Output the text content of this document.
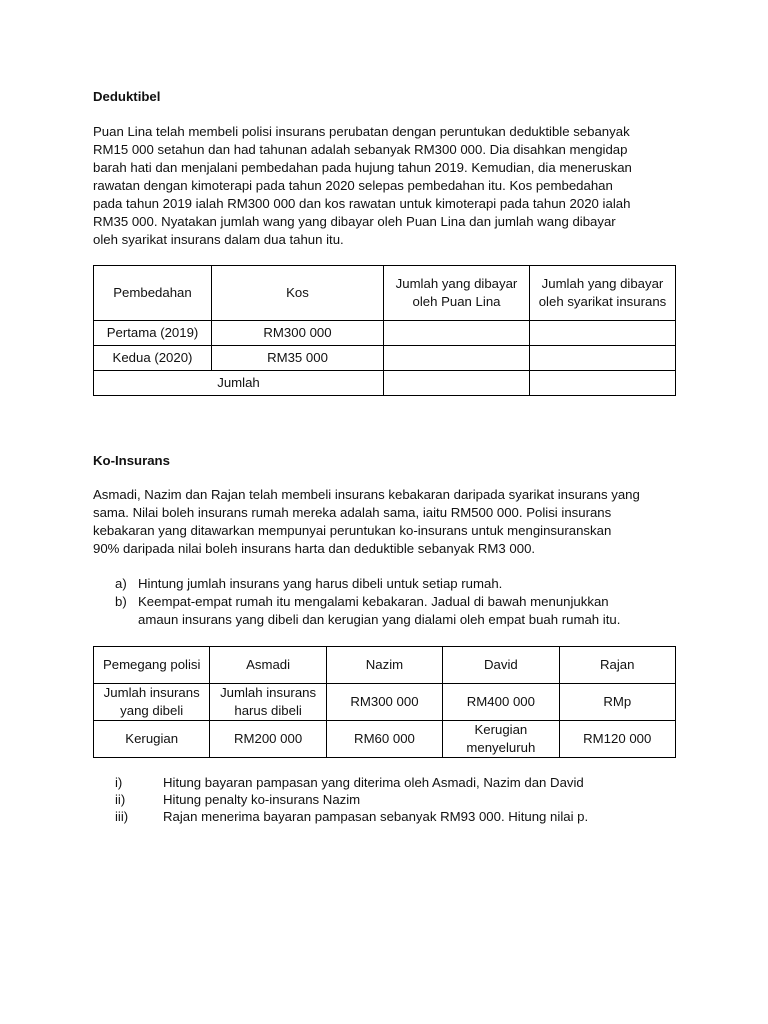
Deduktibel
Puan Lina telah membeli polisi insurans perubatan dengan peruntukan deduktible sebanyak
RM15 000 setahun dan had tahunan adalah sebanyak RM300 000. Dia disahkan mengidap
barah hati dan menjalani pembedahan pada hujung tahun 2019. Kemudian, dia meneruskan
rawatan dengan kimoterapi pada tahun 2020 selepas pembedahan itu. Kos pembedahan
pada tahun 2019 ialah RM300 000 dan kos rawatan untuk kimoterapi pada tahun 2020 ialah
RM35 000. Nyatakan jumlah wang yang dibayar oleh Puan Lina dan jumlah wang dibayar
oleh syarikat insurans dalam dua tahun itu.
Pembedahan	Kos	Jumlah yang dibayar oleh Puan Lina	Jumlah yang dibayar oleh syarikat insurans
Pertama (2019)	RM300 000		
Kedua (2020)	RM35 000		
Jumlah			
Ko-Insurans
Asmadi, Nazim dan Rajan telah membeli insurans kebakaran daripada syarikat insurans yang
sama. Nilai boleh insurans rumah mereka adalah sama, iaitu RM500 000. Polisi insurans
kebakaran yang ditawarkan mempunyai peruntukan ko-insurans untuk menginsuranskan
90% daripada nilai boleh insurans harta dan deduktible sebanyak RM3 000.
a) Hintung jumlah insurans yang harus dibeli untuk setiap rumah.
b) Keempat-empat rumah itu mengalami kebakaran. Jadual di bawah menunjukkan
amaun insurans yang dibeli dan kerugian yang dialami oleh empat buah rumah itu.
Pemegang polisi	Asmadi	Nazim	David	Rajan
Jumlah insurans yang dibeli	Jumlah insurans harus dibeli	RM300 000	RM400 000	RMp
Kerugian	RM200 000	RM60 000	Kerugian menyeluruh	RM120 000
i)	Hitung bayaran pampasan yang diterima oleh Asmadi, Nazim dan David
ii)	Hitung penalty ko-insurans Nazim
iii)	Rajan menerima bayaran pampasan sebanyak RM93 000. Hitung nilai p.
